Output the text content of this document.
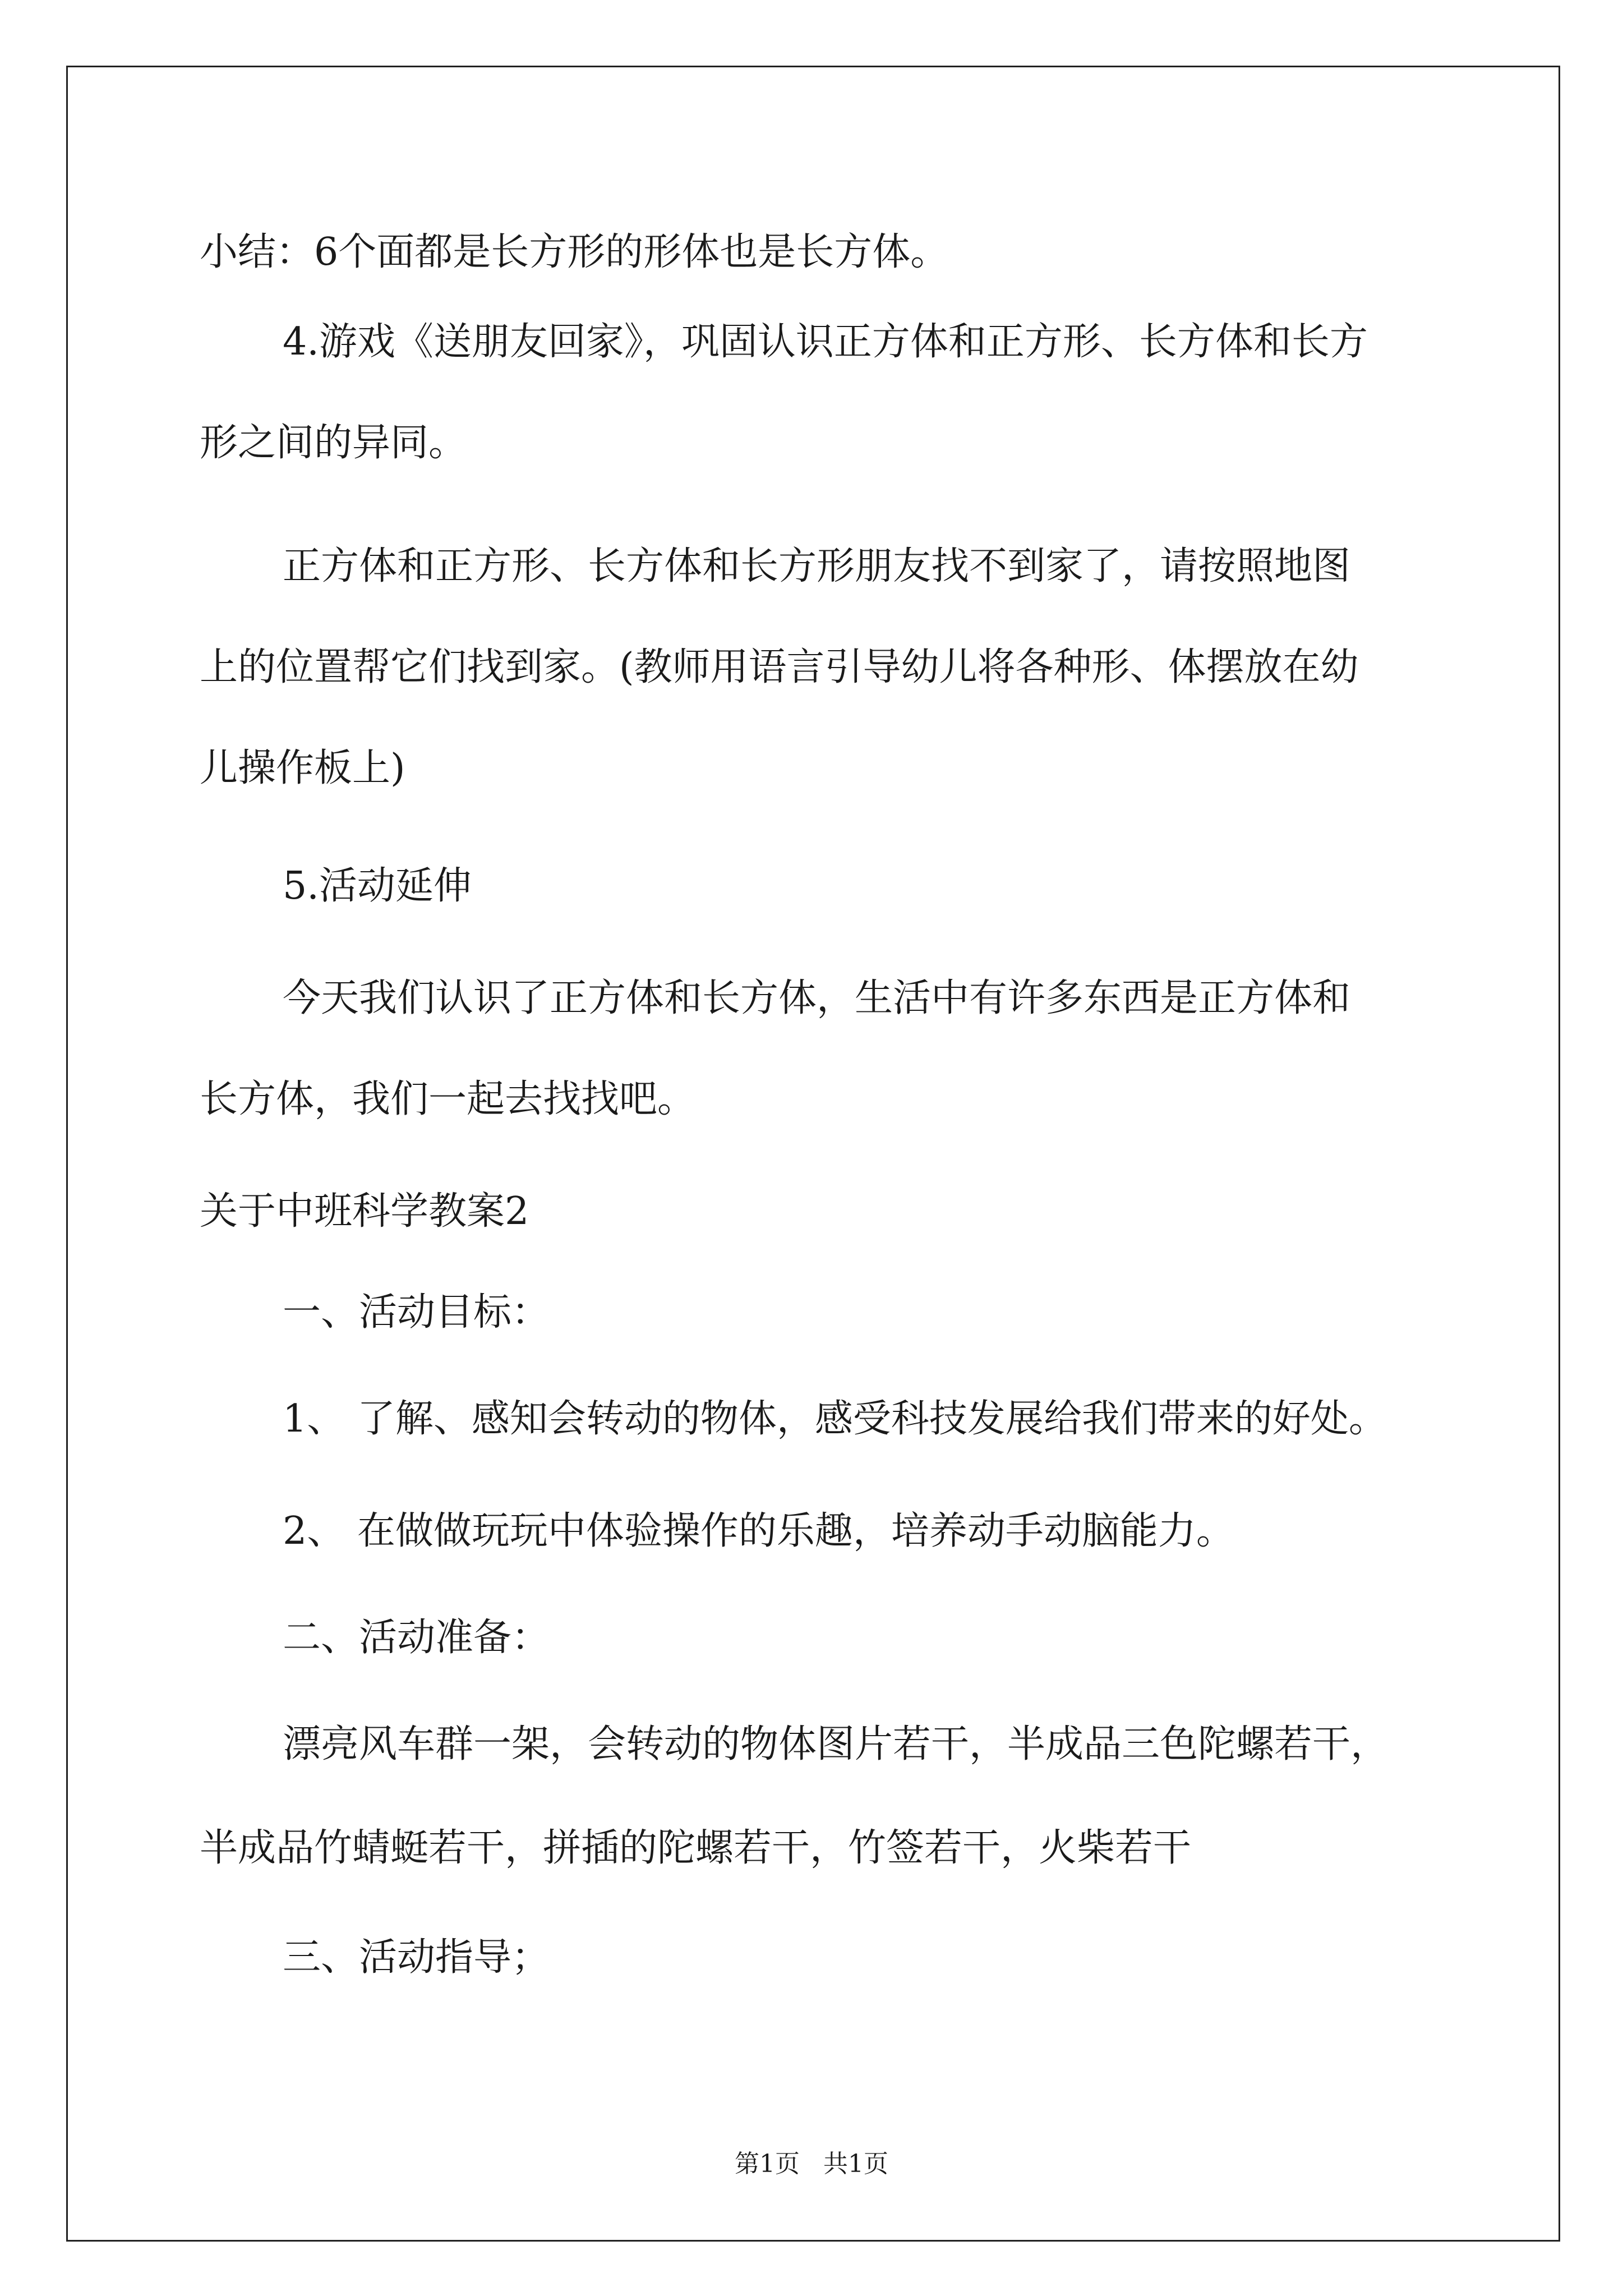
小结：6个面都是长方形的形体也是长方体。

4.游戏《送朋友回家》，巩固认识正方体和正方形、长方体和长方

形之间的异同。

正方体和正方形、长方体和长方形朋友找不到家了，请按照地图

上的位置帮它们找到家。(教师用语言引导幼儿将各种形、体摆放在幼

儿操作板上)

5.活动延伸

今天我们认识了正方体和长方体，生活中有许多东西是正方体和

长方体，我们一起去找找吧。

关于中班科学教案2

一、活动目标：

1、 了解、感知会转动的物体，感受科技发展给我们带来的好处。

2、 在做做玩玩中体验操作的乐趣，培养动手动脑能力。

二、活动准备：

漂亮风车群一架，会转动的物体图片若干，半成品三色陀螺若干，

半成品竹蜻蜓若干，拼插的陀螺若干，竹签若干，火柴若干

三、活动指导；

第1页   共1页
